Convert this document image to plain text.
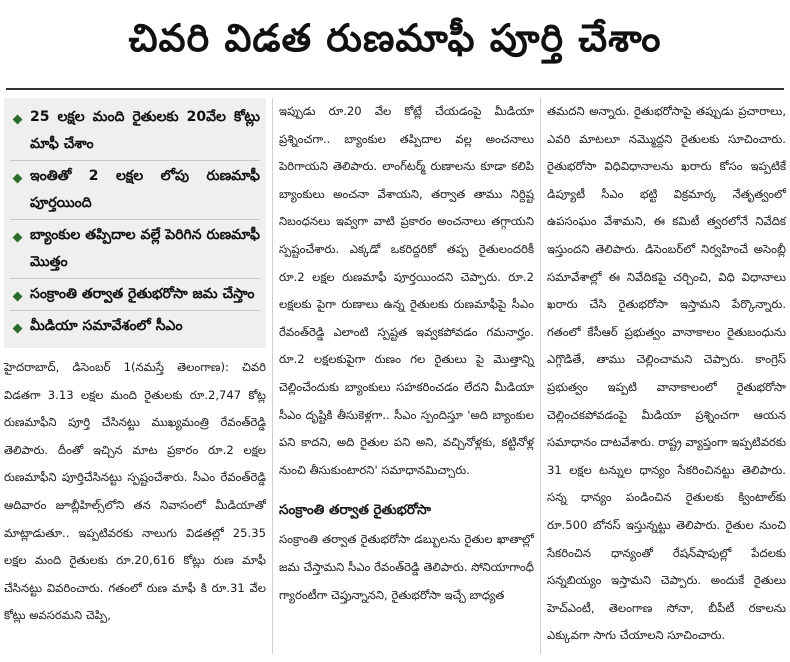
చివరి విడత రుణమాఫీ పూర్తి చేశాం
25 లక్షల మంది రైతులకు 20వేల కోట్లు మాఫీ చేశాం
ఇంతితో 2 లక్షల లోపు రుణమాఫీ పూర్తయింది
బ్యాంకుల తప్పిదాల వల్లే పెరిగిన రుణమాఫీ మొత్తం
సంక్రాంతి తర్వాత రైతుభరోసా జమ చేస్తాం
మీడియా సమావేశంలో సీఎం

హైదరాబాద్, డిసెంబర్ 1(నమస్తే తెలంగాణ): చివరి విడతగా 3.13 లక్షల మంది రైతులకు రూ.2,747 కోట్ల రుణమాఫీని పూర్తి చేసినట్టు ముఖ్యమంత్రి రేవంత్‌రెడ్డి తెలిపారు. దీంతో ఇచ్చిన మాట ప్రకారం రూ.2 లక్షల రుణమాఫీని పూర్తిచేసినట్టు స్పష్టంచేశారు. సీఎం రేవంత్‌రెడ్డి ఆదివారం జూబ్లీహిల్స్‌లోని తన నివాసంలో మీడియాతో మాట్లాడుతూ.. ఇప్పటివరకు నాలుగు విడతల్లో 25.35 లక్షల మంది రైతులకు రూ.20,616 కోట్లు రుణ మాఫీ చేసినట్టు వివరించారు. గతంలో రుణ మాఫీ కి రూ.31 వేల కోట్లు అవసరమని చెప్పి,

ఇప్పుడు రూ.20 వేల కోట్లే చేయడంపై మీడియా ప్రశ్నించగా.. బ్యాంకుల తప్పిదాల వల్ల అంచనాలు పెరిగాయని తెలిపారు. లాంగ్‌టర్మ్ రుణాలను కూడా కలిపి బ్యాంకులు అంచనా వేశాయని, తర్వాత తాము నిర్దిష్ట నిబంధనలు ఇవ్వగా వాటి ప్రకారం అంచనాలు తగ్గాయని స్పష్టంచేశారు. ఎక్కడో ఒకరిద్దరికో తప్ప రైతులందరికీ రూ.2 లక్షల రుణమాఫీ పూర్తయిందని చెప్పారు. రూ.2 లక్షలకు పైగా రుణాలు ఉన్న రైతులకు రుణమాఫీపై సీఎం రేవంత్‌రెడ్డి ఎలాంటి స్పష్టత ఇవ్వకపోవడం గమనార్హం. రూ.2 లక్షలకుపైగా రుణం గల రైతులు పై మొత్తాన్ని చెల్లించేందుకు బ్యాంకులు సహకరించడం లేదని మీడియా సీఎం దృష్టికి తీసుకెళ్లగా.. సీఎం స్పందిస్తూ 'అది బ్యాంకుల పని కాదని, అది రైతుల పని అని, వచ్చినోళ్లకు, కట్టినోళ్ల నుంచి తీసుకుంటారని' సమాధానమిచ్చారు.

సంక్రాంతి తర్వాత రైతుభరోసా

సంక్రాంతి తర్వాత రైతుభరోసా డబ్బులను రైతుల ఖాతాల్లో జమ చేస్తామని సీఎం రేవంత్‌రెడ్డి తెలిపారు. సోనియాగాంధీ గ్యారంటీగా చెప్తున్నానని, రైతుభరోసా ఇచ్చే బాధ్యత

తమదని అన్నారు. రైతుభరోసాపై తప్పుడు ప్రచారాలు, ఎవరి మాటలూ నమ్మొద్దని రైతులకు సూచించారు. రైతుభరోసా విధివిధానాలను ఖరారు కోసం ఇప్పటికే డిప్యూటీ సీఎం భట్టి విక్రమార్క నేతృత్వంలో ఉపసంఘం వేశామని, ఈ కమిటీ త్వరలోనే నివేదిక ఇస్తుందని తెలిపారు. డిసెంబర్‌లో నిర్వహించే అసెంబ్లీ సమావేశాల్లో ఈ నివేదికపై చర్చించి, విధి విధానాలు ఖరారు చేసి రైతుభరోసా ఇస్తామని పేర్కొన్నారు. గతంలో కేసీఆర్ ప్రభుత్వం వానాకాలం రైతుబంధును ఎగ్గొడితే, తాము చెల్లించామని చెప్పారు. కాంగ్రెస్ ప్రభుత్వం ఇప్పటి వానాకాలంలో రైతుభరోసా చెల్లించకపోవడంపై మీడియా ప్రశ్నించగా ఆయన సమాధానం దాటవేశారు. రాష్ట్ర వ్యాప్తంగా ఇప్పటివరకు 31 లక్షల టన్నుల ధాన్యం సేకరించినట్టు తెలిపారు. సన్న ధాన్యం పండించిన రైతులకు క్వింటాల్‌కు రూ.500 బోనస్ ఇస్తున్నట్టు తెలిపారు. రైతుల నుంచి సేకరించిన ధాన్యంతో రేషన్‌షాపుల్లో పేదలకు సన్నబియ్యం ఇస్తామని చెప్పారు. అందుకే రైతులు హెచ్‌ఎంటీ, తెలంగాణ సోనా, బీపీటీ రకాలను ఎక్కువగా సాగు చేయాలని సూచించారు.
